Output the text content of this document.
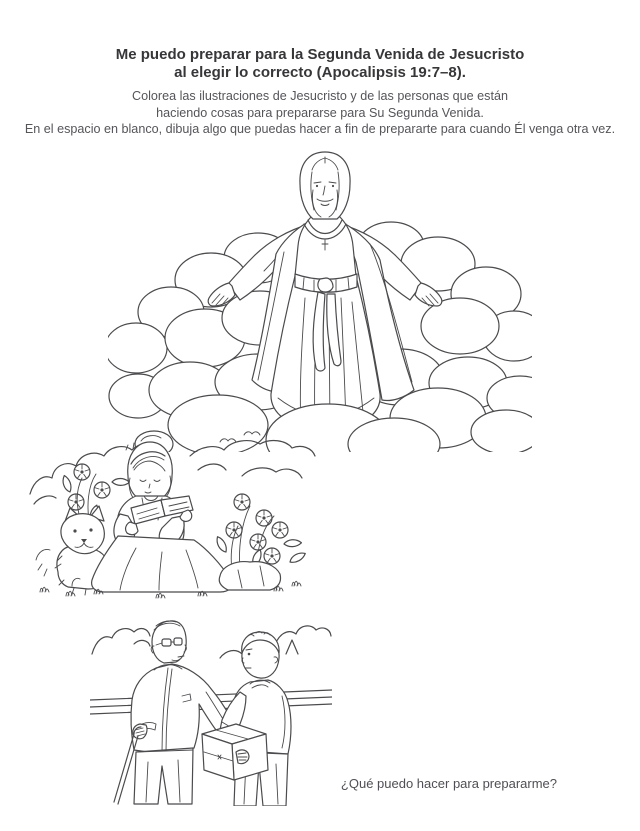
Me puedo preparar para la Segunda Venida de Jesucristo
al elegir lo correcto (Apocalipsis 19:7–8).
Colorea las ilustraciones de Jesucristo y de las personas que están
haciendo cosas para prepararse para Su Segunda Venida.
En el espacio en blanco, dibuja algo que puedas hacer a fin de prepararte para cuando Él venga otra vez.
¿Qué puedo hacer para prepararme?
